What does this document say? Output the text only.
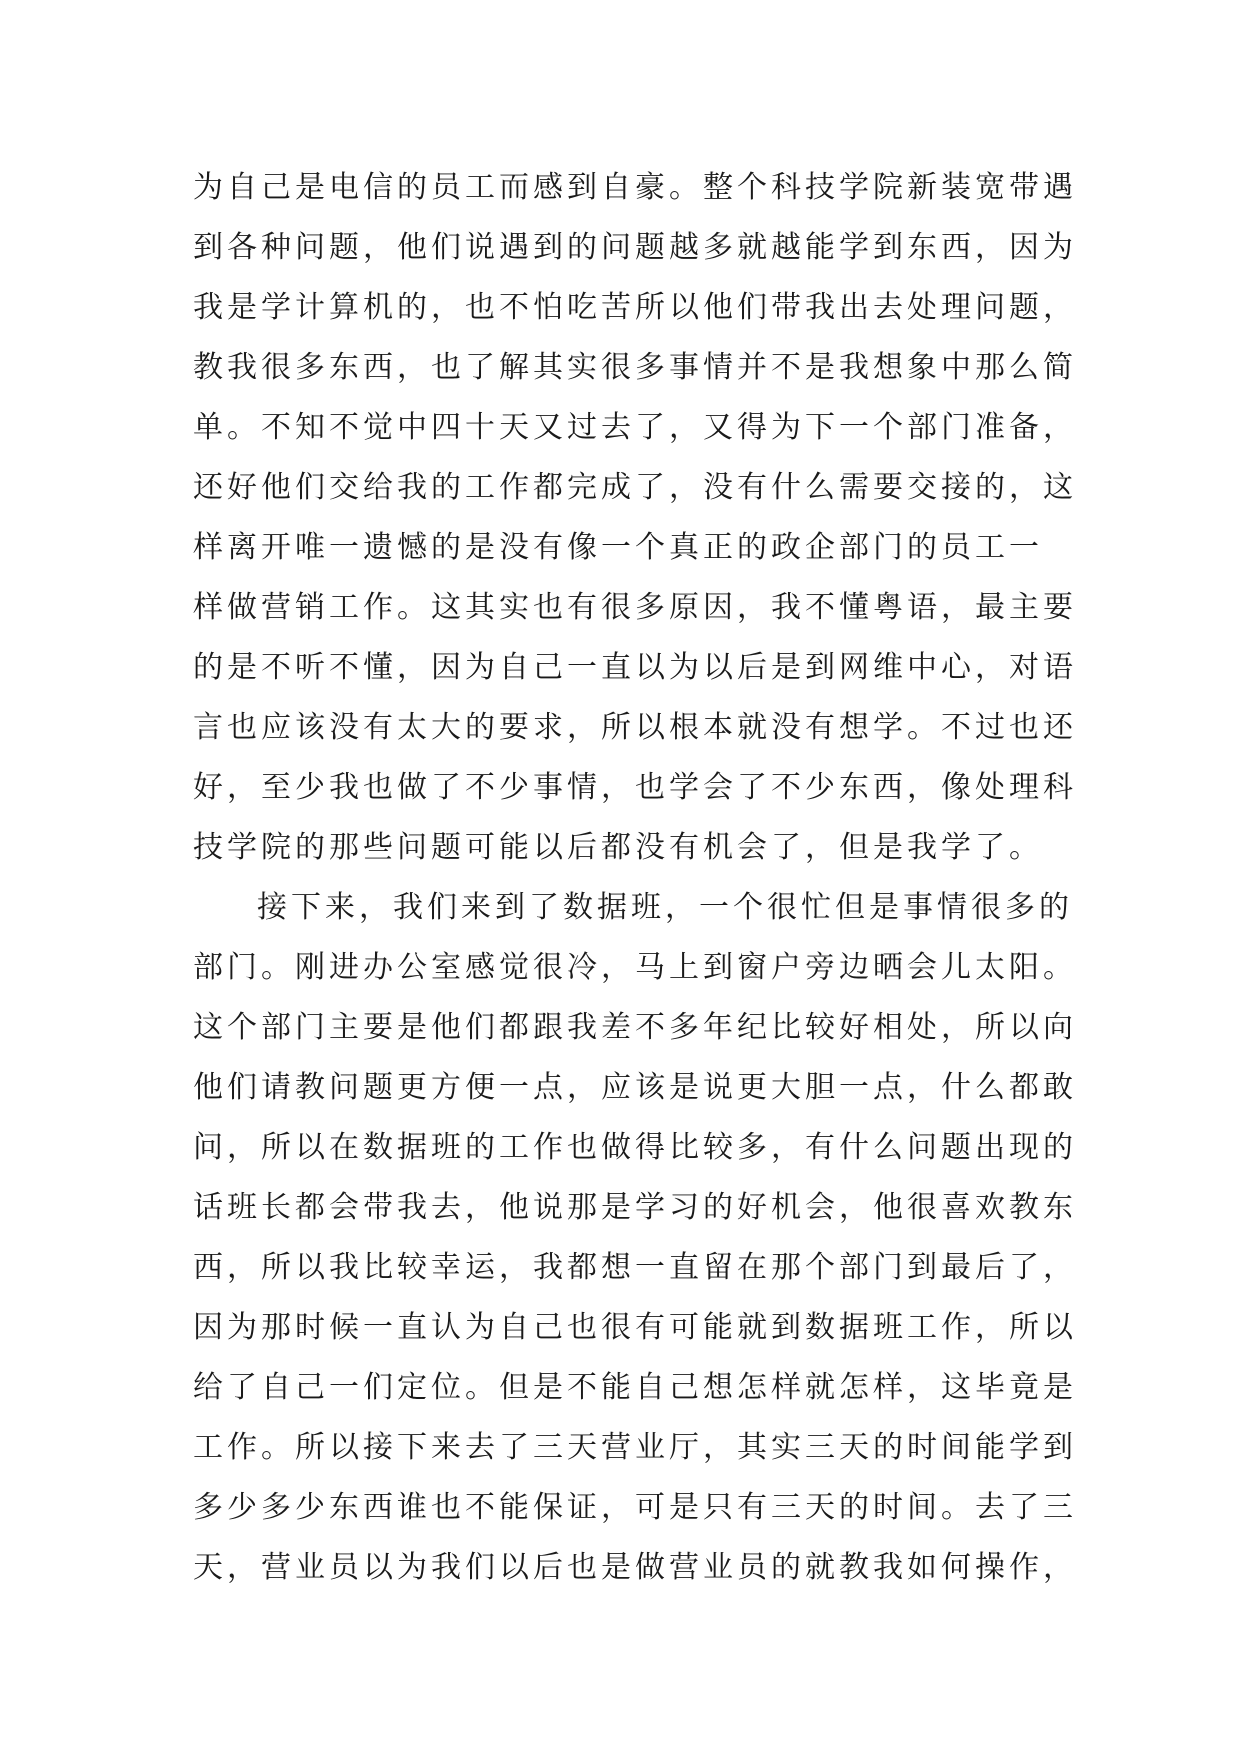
为自己是电信的员工而感到自豪。整个科技学院新装宽带遇
到各种问题，他们说遇到的问题越多就越能学到东西，因为
我是学计算机的，也不怕吃苦所以他们带我出去处理问题，
教我很多东西，也了解其实很多事情并不是我想象中那么简
单。不知不觉中四十天又过去了，又得为下一个部门准备，
还好他们交给我的工作都完成了，没有什么需要交接的，这
样离开唯一遗憾的是没有像一个真正的政企部门的员工一
样做营销工作。这其实也有很多原因，我不懂粤语，最主要
的是不听不懂，因为自己一直以为以后是到网维中心，对语
言也应该没有太大的要求，所以根本就没有想学。不过也还
好，至少我也做了不少事情，也学会了不少东西，像处理科
技学院的那些问题可能以后都没有机会了，但是我学了。
接下来，我们来到了数据班，一个很忙但是事情很多的
部门。刚进办公室感觉很冷，马上到窗户旁边晒会儿太阳。
这个部门主要是他们都跟我差不多年纪比较好相处，所以向
他们请教问题更方便一点，应该是说更大胆一点，什么都敢
问，所以在数据班的工作也做得比较多，有什么问题出现的
话班长都会带我去，他说那是学习的好机会，他很喜欢教东
西，所以我比较幸运，我都想一直留在那个部门到最后了，
因为那时候一直认为自己也很有可能就到数据班工作，所以
给了自己一们定位。但是不能自己想怎样就怎样，这毕竟是
工作。所以接下来去了三天营业厅，其实三天的时间能学到
多少多少东西谁也不能保证，可是只有三天的时间。去了三
天，营业员以为我们以后也是做营业员的就教我如何操作，
